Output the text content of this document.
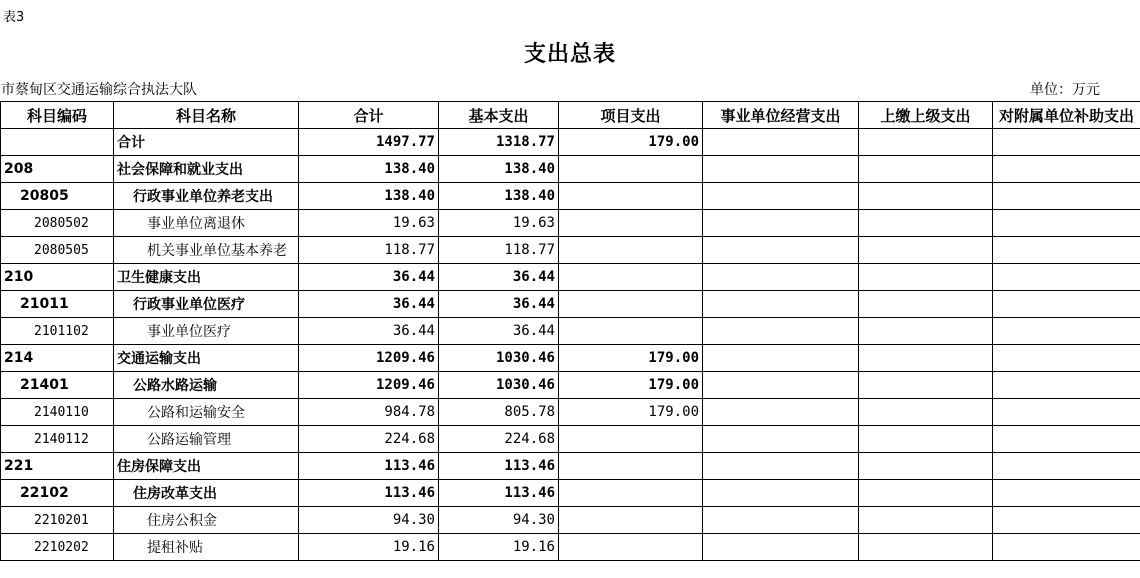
表3
支出总表
市蔡甸区交通运输综合执法大队	单位：万元
科目编码	科目名称	合计	基本支出	项目支出	事业单位经营支出	上缴上级支出	对附属单位补助支出
	合计	1497.77	1318.77	179.00			
208	社会保障和就业支出	138.40	138.40				
20805	行政事业单位养老支出	138.40	138.40				
2080502	事业单位离退休	19.63	19.63				
2080505	机关事业单位基本养老	118.77	118.77				
210	卫生健康支出	36.44	36.44				
21011	行政事业单位医疗	36.44	36.44				
2101102	事业单位医疗	36.44	36.44				
214	交通运输支出	1209.46	1030.46	179.00			
21401	公路水路运输	1209.46	1030.46	179.00			
2140110	公路和运输安全	984.78	805.78	179.00			
2140112	公路运输管理	224.68	224.68				
221	住房保障支出	113.46	113.46				
22102	住房改革支出	113.46	113.46				
2210201	住房公积金	94.30	94.30				
2210202	提租补贴	19.16	19.16				
